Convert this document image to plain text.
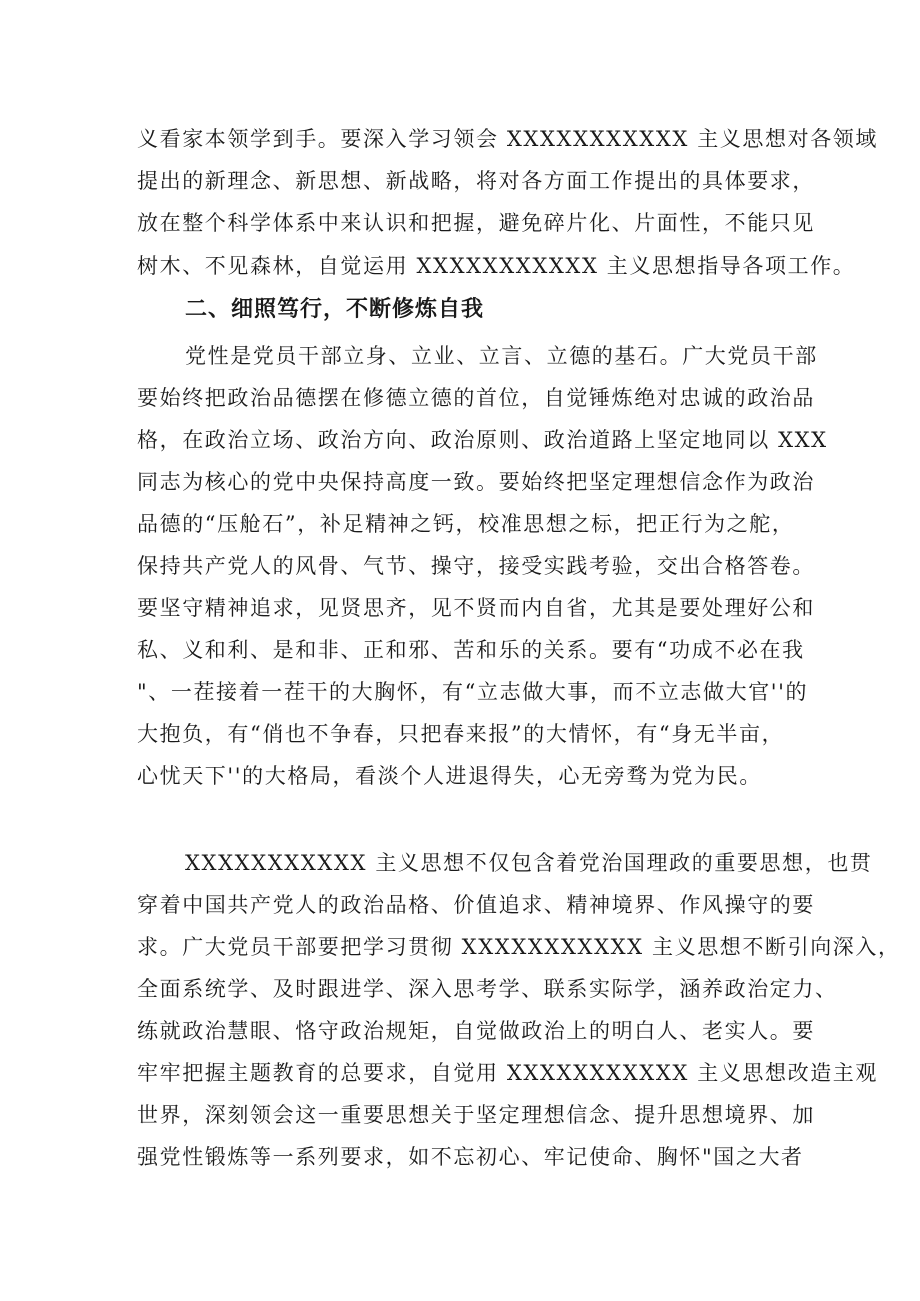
义看家本领学到手。要深入学习领会 XXXXXXXXXXX 主义思想对各领域
提出的新理念、新思想、新战略，将对各方面工作提出的具体要求，
放在整个科学体系中来认识和把握，避免碎片化、片面性，不能只见
树木、不见森林，自觉运用 XXXXXXXXXXX 主义思想指导各项工作。
二、细照笃行，不断修炼自我
党性是党员干部立身、立业、立言、立德的基石。广大党员干部
要始终把政治品德摆在修德立德的首位，自觉锤炼绝对忠诚的政治品
格，在政治立场、政治方向、政治原则、政治道路上坚定地同以 XXX
同志为核心的党中央保持高度一致。要始终把坚定理想信念作为政治
品德的“压舱石”，补足精神之钙，校准思想之标，把正行为之舵，
保持共产党人的风骨、气节、操守，接受实践考验，交出合格答卷。
要坚守精神追求，见贤思齐，见不贤而内自省，尤其是要处理好公和
私、义和利、是和非、正和邪、苦和乐的关系。要有“功成不必在我
"、一茬接着一茬干的大胸怀，有“立志做大事，而不立志做大官''的
大抱负，有“俏也不争春，只把春来报”的大情怀，有“身无半亩，
心忧天下''的大格局，看淡个人进退得失，心无旁骛为党为民。
XXXXXXXXXXX 主义思想不仅包含着党治国理政的重要思想，也贯
穿着中国共产党人的政治品格、价值追求、精神境界、作风操守的要
求。广大党员干部要把学习贯彻 XXXXXXXXXXX 主义思想不断引向深入，
全面系统学、及时跟进学、深入思考学、联系实际学，涵养政治定力、
练就政治慧眼、恪守政治规矩，自觉做政治上的明白人、老实人。要
牢牢把握主题教育的总要求，自觉用 XXXXXXXXXXX 主义思想改造主观
世界，深刻领会这一重要思想关于坚定理想信念、提升思想境界、加
强党性锻炼等一系列要求，如不忘初心、牢记使命、胸怀"国之大者
